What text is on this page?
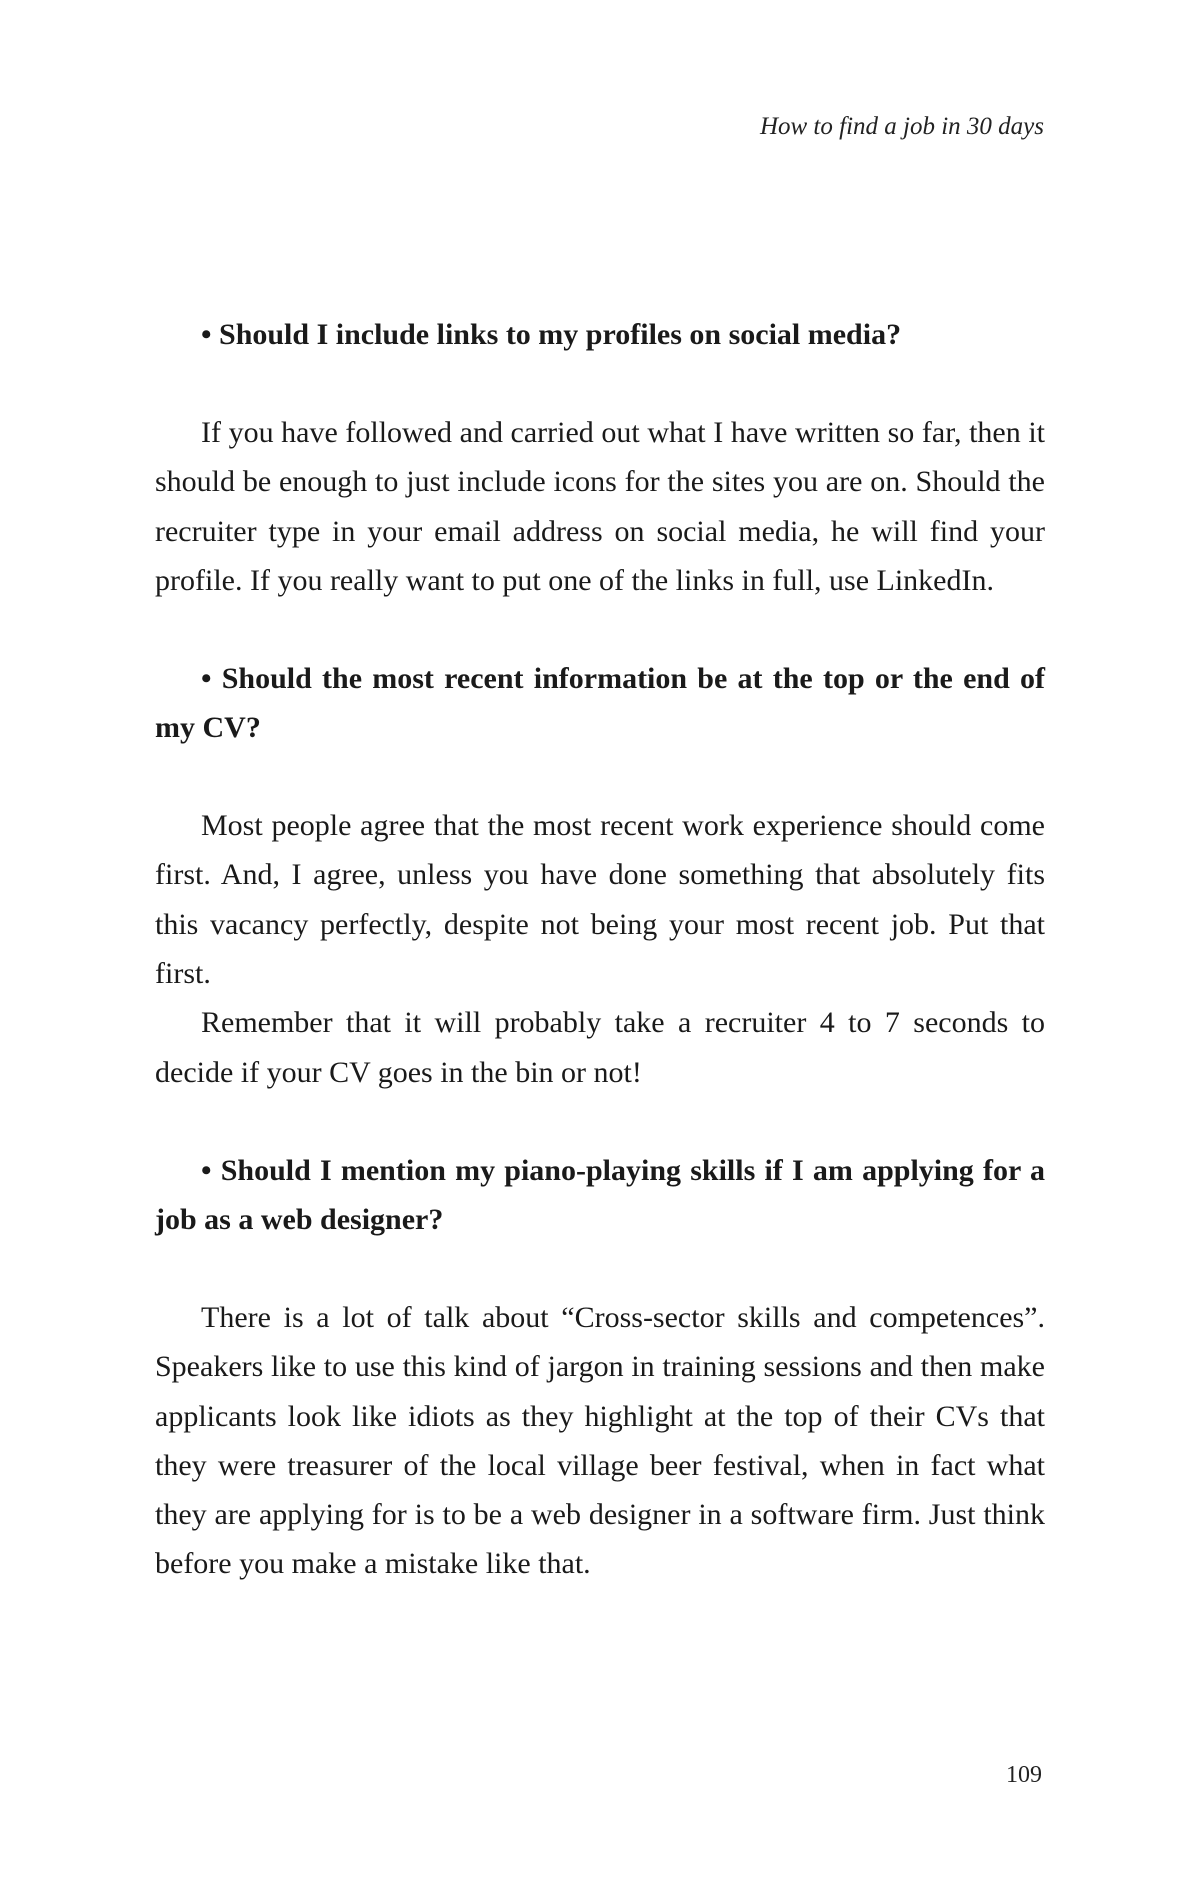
How to find a job in 30 days

• Should I include links to my profiles on social media?

If you have followed and carried out what I have written so far, then it should be enough to just include icons for the sites you are on. Should the recruiter type in your email address on social media, he will find your profile. If you really want to put one of the links in full, use LinkedIn.

• Should the most recent information be at the top or the end of my CV?

Most people agree that the most recent work experience should come first. And, I agree, unless you have done something that absolutely fits this vacancy perfectly, despite not being your most recent job. Put that first.

Remember that it will probably take a recruiter 4 to 7 seconds to decide if your CV goes in the bin or not!

• Should I mention my piano-playing skills if I am applying for a job as a web designer?

There is a lot of talk about “Cross-sector skills and competences”. Speakers like to use this kind of jargon in training sessions and then make applicants look like idiots as they highlight at the top of their CVs that they were treasurer of the local village beer festival, when in fact what they are applying for is to be a web designer in a software firm. Just think before you make a mistake like that.

109
